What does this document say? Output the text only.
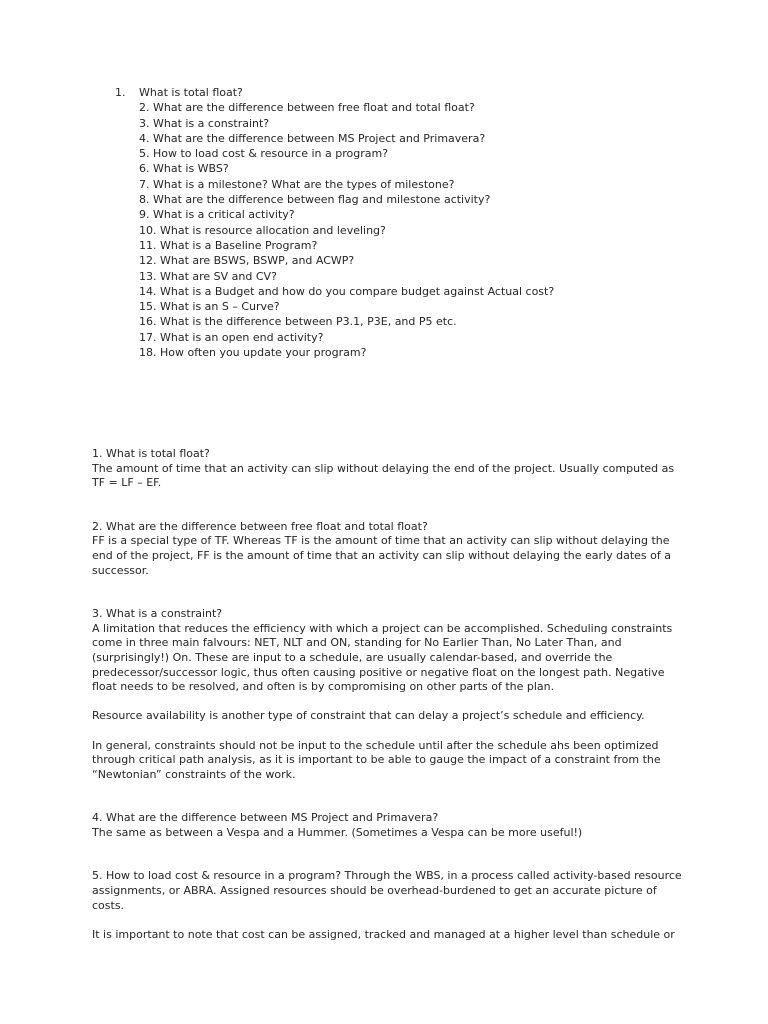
1. What is total float?
2. What are the difference between free float and total float?
3. What is a constraint?
4. What are the difference between MS Project and Primavera?
5. How to load cost & resource in a program?
6. What is WBS?
7. What is a milestone? What are the types of milestone?
8. What are the difference between flag and milestone activity?
9. What is a critical activity?
10. What is resource allocation and leveling?
11. What is a Baseline Program?
12. What are BSWS, BSWP, and ACWP?
13. What are SV and CV?
14. What is a Budget and how do you compare budget against Actual cost?
15. What is an S – Curve?
16. What is the difference between P3.1, P3E, and P5 etc.
17. What is an open end activity?
18. How often you update your program?

1. What is total float?

The amount of time that an activity can slip without delaying the end of the project. Usually computed as TF = LF – EF.

2. What are the difference between free float and total float?

FF is a special type of TF. Whereas TF is the amount of time that an activity can slip without delaying the end of the project, FF is the amount of time that an activity can slip without delaying the early dates of a successor.

3. What is a constraint?

A limitation that reduces the efficiency with which a project can be accomplished. Scheduling constraints come in three main falvours: NET, NLT and ON, standing for No Earlier Than, No Later Than, and (surprisingly!) On. These are input to a schedule, are usually calendar-based, and override the predecessor/successor logic, thus often causing positive or negative float on the longest path. Negative float needs to be resolved, and often is by compromising on other parts of the plan.

Resource availability is another type of constraint that can delay a project’s schedule and efficiency.

In general, constraints should not be input to the schedule until after the schedule ahs been optimized through critical path analysis, as it is important to be able to gauge the impact of a constraint from the “Newtonian” constraints of the work.

4. What are the difference between MS Project and Primavera?

The same as between a Vespa and a Hummer. (Sometimes a Vespa can be more useful!)

5. How to load cost & resource in a program? Through the WBS, in a process called activity-based resource assignments, or ABRA. Assigned resources should be overhead-burdened to get an accurate picture of costs.

It is important to note that cost can be assigned, tracked and managed at a higher level than schedule or
